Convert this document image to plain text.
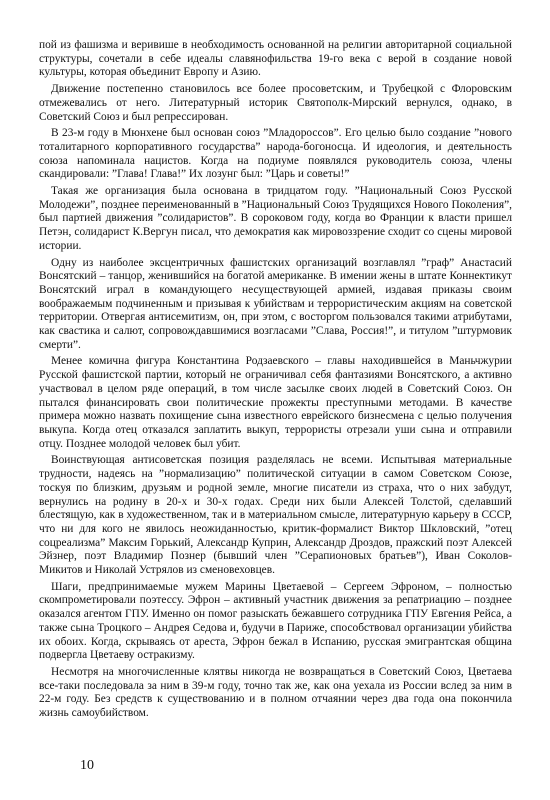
пой из фашизма и веривише в необходимость основанной на религии авторитарной социальной структуры, сочетали в себе идеалы славянофильства 19-го века с верой в создание новой культуры, которая объединит Европу и Азию.

Движение постепенно становилось все более просоветским, и Трубецкой с Флоровским отмежевались от него. Литературный историк Святополк-Мирский вернулся, однако, в Советский Союз и был репрессирован.

В 23-м году в Мюнхене был основан союз ”Младороссов”. Его целью было создание ”нового тоталитарного корпоративного государства” народа-богоносца. И идеология, и деятельность союза напоминала нацистов. Когда на подиуме появлялся руководитель союза, члены скандировали: ”Глава! Глава!” Их лозунг был: ”Царь и советы!”

Такая же организация была основана в тридцатом году. ”Национальный Союз Русской Молодежи”, позднее переименованный в ”Национальный Союз Трудящихся Нового Поколения”, был партией движения ”солидаристов”. В сороковом году, когда во Франции к власти пришел Петэн, солидарист К.Вергун писал, что демократия как мировоззрение сходит со сцены мировой истории.

Одну из наиболее эксцентричных фашистских организаций возглавлял ”граф” Анастасий Вонсятский – танцор, женившийся на богатой американке. В имении жены в штате Коннектикут Вонсятский играл в командующего несуществующей армией, издавая приказы своим воображаемым подчиненным и призывая к убийствам и террористическим акциям на советской территории. Отвергая антисемитизм, он, при этом, с восторгом пользовался такими атрибутами, как свастика и салют, сопровождавшимися возгласами ”Слава, Россия!”, и титулом ”штурмовик смерти”.

Менее комична фигура Константина Родзаевского – главы находившейся в Маньчжурии Русской фашистской партии, который не ограничивал себя фантазиями Вонсятского, а активно участвовал в целом ряде операций, в том числе засылке своих людей в Советский Союз. Он пытался финансировать свои политические прожекты преступными методами. В качестве примера можно назвать похищение сына известного еврейского бизнесмена с целью получения выкупа. Когда отец отказался заплатить выкуп, террористы отрезали уши сына и отправили отцу. Позднее молодой человек был убит.

Воинствующая антисоветская позиция разделялась не всеми. Испытывая материальные трудности, надеясь на ”нормализацию” политической ситуации в самом Советском Союзе, тоскуя по близким, друзьям и родной земле, многие писатели из страха, что о них забудут, вернулись на родину в 20-х и 30-х годах. Среди них были Алексей Толстой, сделавший блестящую, как в художественном, так и в материальном смысле, литературную карьеру в СССР, что ни для кого не явилось неожиданностью, критик-формалист Виктор Шкловский, ”отец соцреализма” Максим Горький, Александр Куприн, Александр Дроздов, пражский поэт Алексей Эйзнер, поэт Владимир Познер (бывший член ”Серапионовых братьев”), Иван Соколов-Микитов и Николай Устрялов из сменовеховцев.

Шаги, предпринимаемые мужем Марины Цветаевой – Сергеем Эфроном, – полностью скомпрометировали поэтессу. Эфрон – активный участник движения за репатриацию – позднее оказался агентом ГПУ. Именно он помог разыскать бежавшего сотрудника ГПУ Евгения Рейса, а также сына Троцкого – Андрея Седова и, будучи в Париже, способствовал организации убийства их обоих. Когда, скрываясь от ареста, Эфрон бежал в Испанию, русская эмигрантская община подвергла Цветаеву остракизму.

Несмотря на многочисленные клятвы никогда не возвращаться в Советский Союз, Цветаева все-таки последовала за ним в 39-м году, точно так же, как она уехала из России вслед за ним в 22-м году. Без средств к существованию и в полном отчаянии через два года она покончила жизнь самоубийством.

10
